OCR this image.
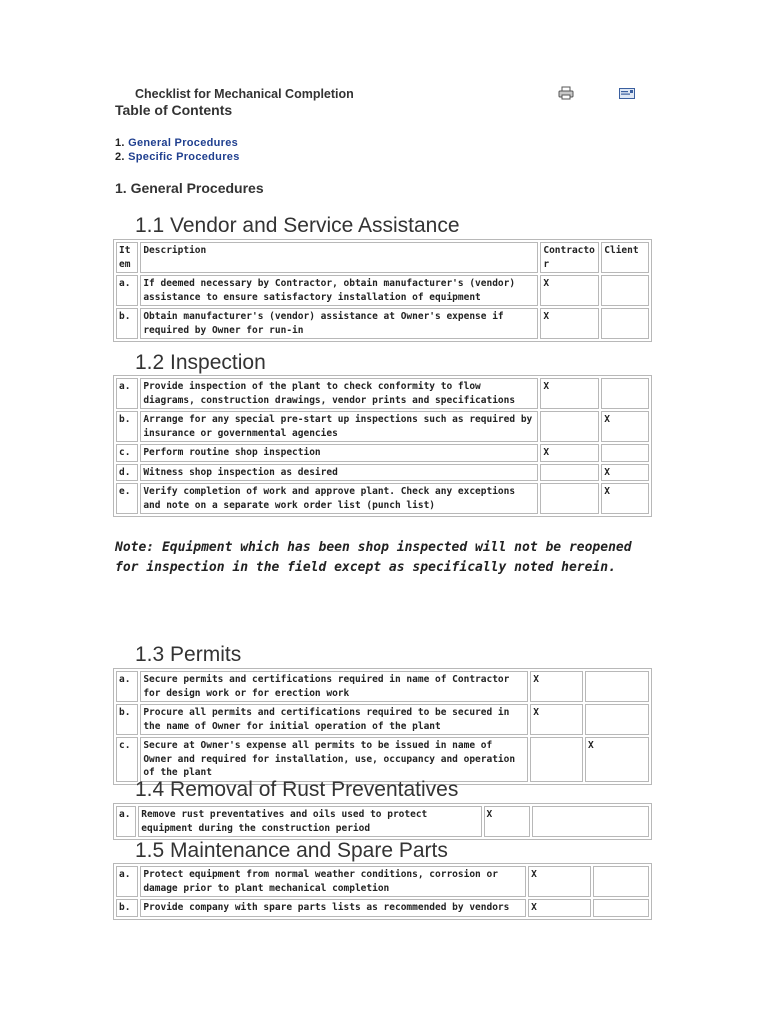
Checklist for Mechanical Completion
Table of Contents
1. General Procedures
2. Specific Procedures
1. General Procedures
1.1 Vendor and Service Assistance
Item	Description	Contractor	Client
a.	If deemed necessary by Contractor, obtain manufacturer's (vendor) assistance to ensure satisfactory installation of equipment	X	
b.	Obtain manufacturer's (vendor) assistance at Owner's expense if required by Owner for run-in	X	
1.2 Inspection
a.	Provide inspection of the plant to check conformity to flow diagrams, construction drawings, vendor prints and specifications	X	
b.	Arrange for any special pre-start up inspections such as required by insurance or governmental agencies		X
c.	Perform routine shop inspection	X	
d.	Witness shop inspection as desired		X
e.	Verify completion of work and approve plant. Check any exceptions and note on a separate work order list (punch list)		X
Note: Equipment which has been shop inspected will not be reopened for inspection in the field except as specifically noted herein.
1.3 Permits
a.	Secure permits and certifications required in name of Contractor for design work or for erection work	X	
b.	Procure all permits and certifications required to be secured in the name of Owner for initial operation of the plant	X	
c.	Secure at Owner's expense all permits to be issued in name of Owner and required for installation, use, occupancy and operation of the plant		X
1.4 Removal of Rust Preventatives
a.	Remove rust preventatives and oils used to protect equipment during the construction period	X	
1.5 Maintenance and Spare Parts
a.	Protect equipment from normal weather conditions, corrosion or damage prior to plant mechanical completion	X	
b.	Provide company with spare parts lists as recommended by vendors	X	
